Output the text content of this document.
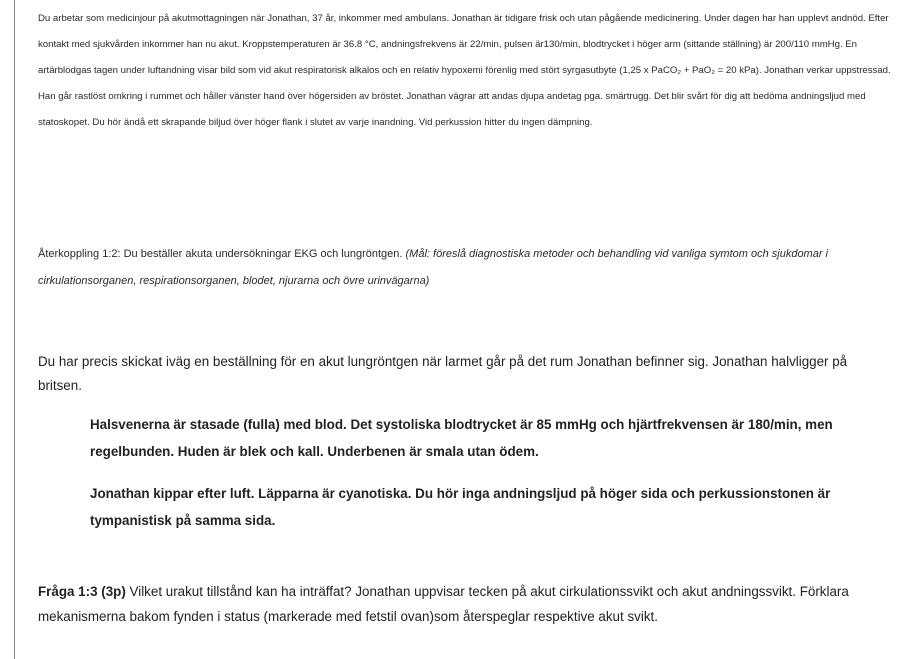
Du arbetar som medicinjour på akutmottagningen när Jonathan, 37 år, inkommer med ambulans. Jonathan är tidigare frisk och utan pågående medicinering. Under dagen har han upplevt andnöd. Efter kontakt med sjukvården inkommer han nu akut. Kroppstemperaturen är 36.8 °C, andningsfrekvens är 22/min, pulsen är130/min, blodtrycket i höger arm (sittande ställning) är 200/110 mmHg. En artärblodgas tagen under luftandning visar bild som vid akut respiratorisk alkalos och en relativ hypoxemi förenlig med stört syrgasutbyte (1,25 x PaCO₂ + PaO₂ = 20 kPa). Jonathan verkar uppstressad. Han går rastlöst omkring i rummet och håller vänster hand över högersiden av bröstet. Jonathan vägrar att andas djupa andetag pga. smärtrugg. Det blir svårt för dig att bedöma andningsljud med statoskopet. Du hör ändå ett skrapande biljud över höger flank i slutet av varje inandning. Vid perkussion hitter du ingen dämpning.

Återkoppling 1:2: Du beställer akuta undersökningar EKG och lungröntgen. (Mål: föreslå diagnostiska metoder och behandling vid vanliga symtom och sjukdomar i cirkulationsorganen, respirationsorganen, blodet, njurarna och övre urinvägarna)

Du har precis skickat iväg en beställning för en akut lungröntgen när larmet går på det rum Jonathan befinner sig. Jonathan halvligger på britsen.

Halsvenerna är stasade (fulla) med blod. Det systoliska blodtrycket är 85 mmHg och hjärtfrekvensen är 180/min, men regelbunden. Huden är blek och kall. Underbenen är smala utan ödem.

Jonathan kippar efter luft. Läpparna är cyanotiska. Du hör inga andningsljud på höger sida och perkussionstonen är tympanistisk på samma sida.

Fråga 1:3 (3p) Vilket urakut tillstånd kan ha inträffat? Jonathan uppvisar tecken på akut cirkulationssvikt och akut andningssvikt. Förklara mekanismerna bakom fynden i status (markerade med fetstil ovan)som återspeglar respektive akut svikt.
